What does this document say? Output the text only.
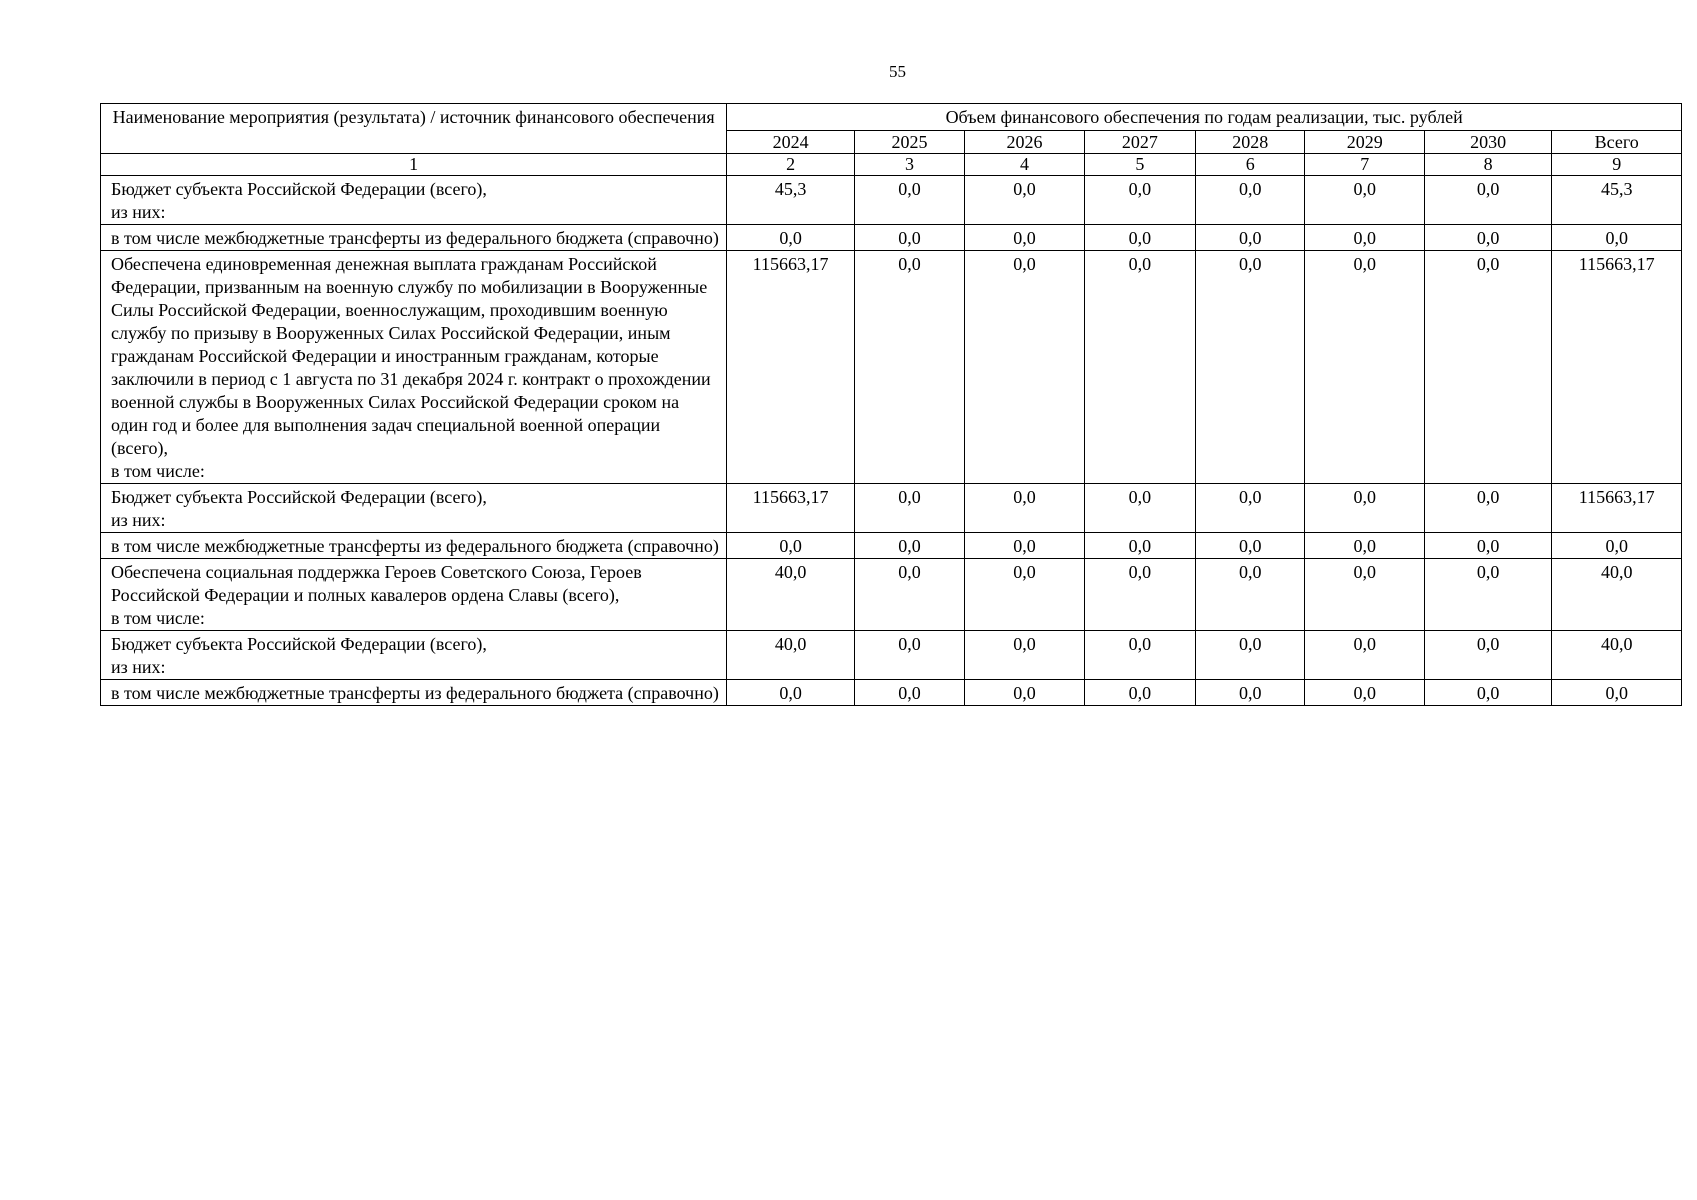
55
Наименование мероприятия (результата) / источник финансового обеспечения	Объем финансового обеспечения по годам реализации, тыс. рублей							
	2024	2025	2026	2027	2028	2029	2030	Всего
1	2	3	4	5	6	7	8	9
Бюджет субъекта Российской Федерации (всего),
из них:	45,3	0,0	0,0	0,0	0,0	0,0	0,0	45,3
в том числе межбюджетные трансферты из федерального бюджета (справочно)	0,0	0,0	0,0	0,0	0,0	0,0	0,0	0,0
Обеспечена единовременная денежная выплата гражданам Российской Федерации, призванным на военную службу по мобилизации в Вооруженные Силы Российской Федерации, военнослужащим, проходившим военную службу по призыву в Вооруженных Силах Российской Федерации, иным гражданам Российской Федерации и иностранным гражданам, которые заключили в период с 1 августа по 31 декабря 2024 г. контракт о прохождении военной службы в Вооруженных Силах Российской Федерации сроком на один год и более для выполнения задач специальной военной операции (всего),
в том числе:	115663,17	0,0	0,0	0,0	0,0	0,0	0,0	115663,17
Бюджет субъекта Российской Федерации (всего),
из них:	115663,17	0,0	0,0	0,0	0,0	0,0	0,0	115663,17
в том числе межбюджетные трансферты из федерального бюджета (справочно)	0,0	0,0	0,0	0,0	0,0	0,0	0,0	0,0
Обеспечена социальная поддержка Героев Советского Союза, Героев Российской Федерации и полных кавалеров ордена Славы (всего),
в том числе:	40,0	0,0	0,0	0,0	0,0	0,0	0,0	40,0
Бюджет субъекта Российской Федерации (всего),
из них:	40,0	0,0	0,0	0,0	0,0	0,0	0,0	40,0
в том числе межбюджетные трансферты из федерального бюджета (справочно)	0,0	0,0	0,0	0,0	0,0	0,0	0,0	0,0
